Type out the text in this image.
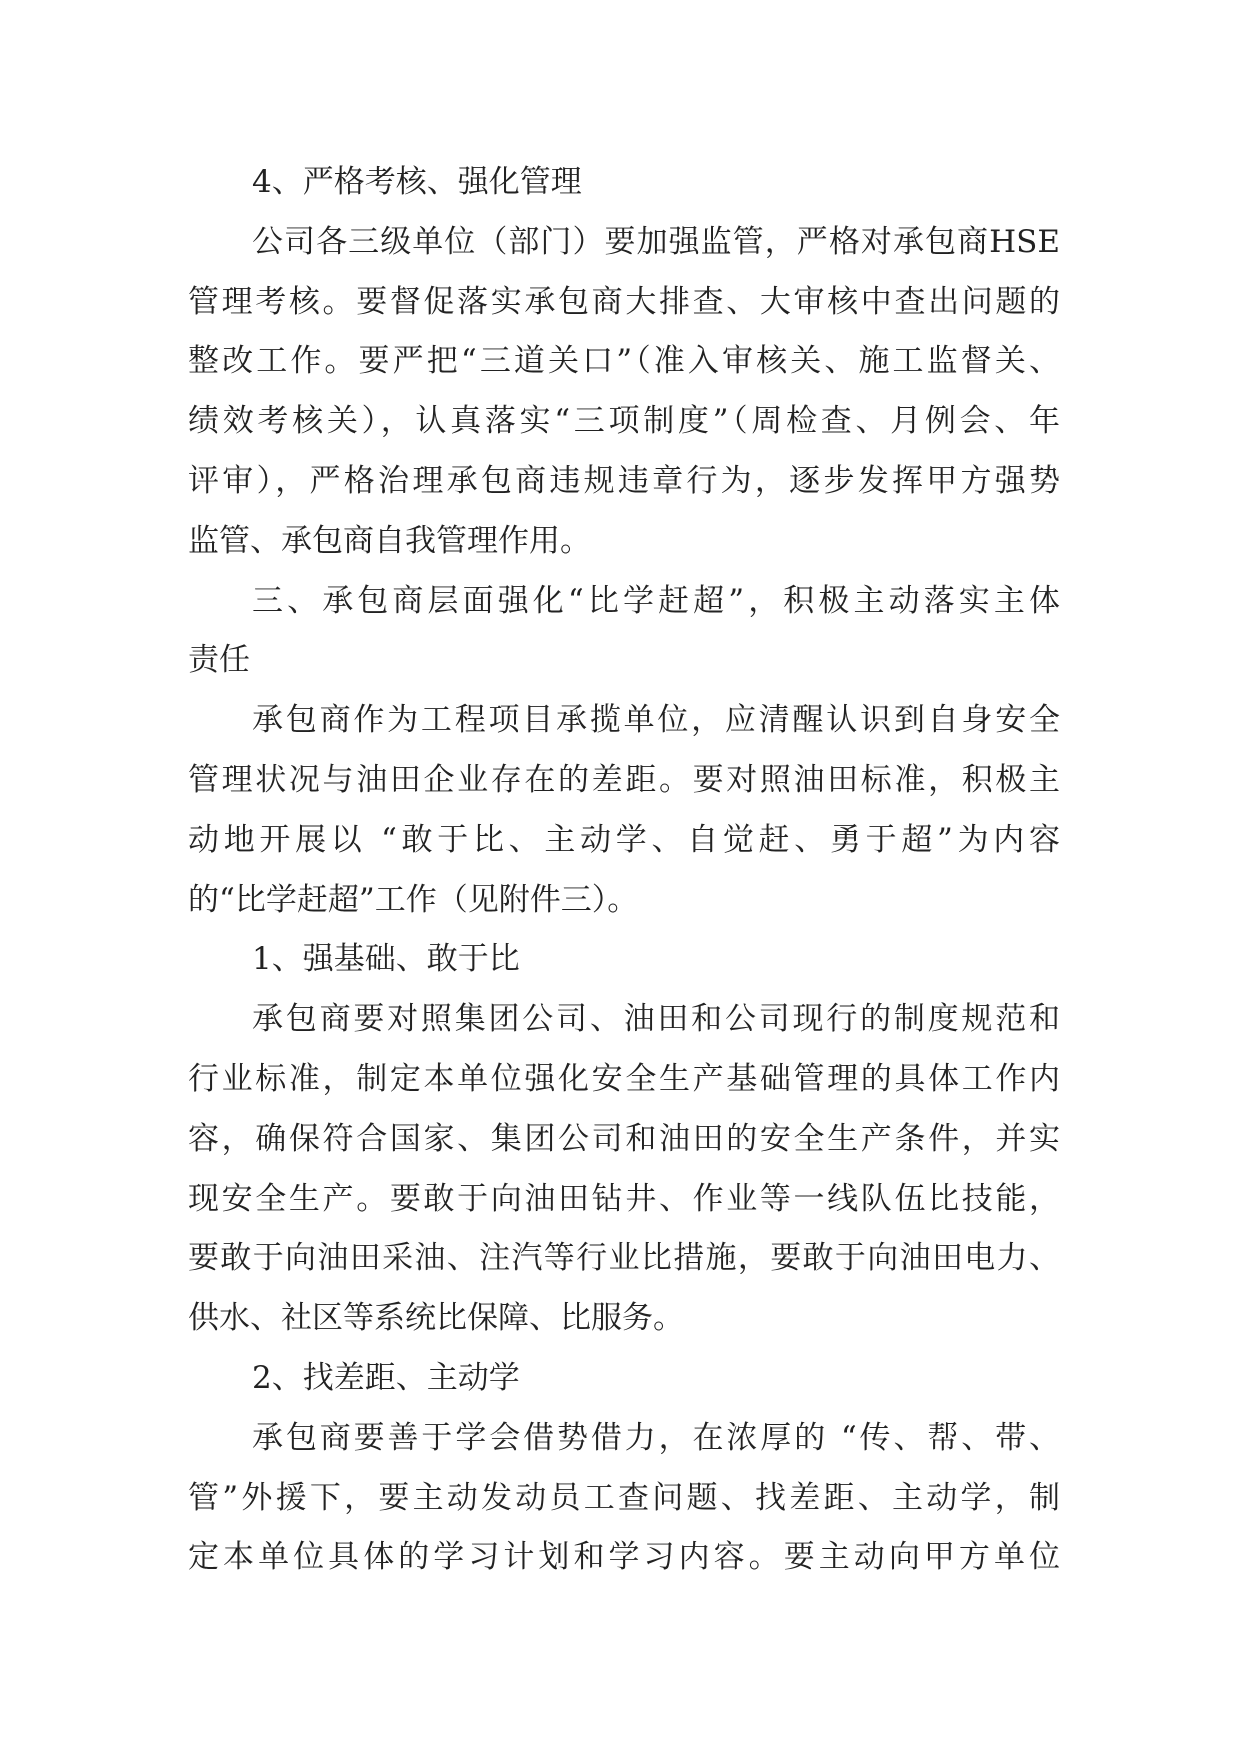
4、严格考核、强化管理
公司各三级单位（部门）要加强监管，严格对承包商HSE
管理考核。要督促落实承包商大排查、大审核中查出问题的
整改工作。要严把“三道关口”（准入审核关、施工监督关、
绩效考核关），认真落实“三项制度”（周检查、月例会、年
评审），严格治理承包商违规违章行为，逐步发挥甲方强势
监管、承包商自我管理作用。
三、承包商层面强化“比学赶超”，积极主动落实主体
责任
承包商作为工程项目承揽单位，应清醒认识到自身安全
管理状况与油田企业存在的差距。要对照油田标准，积极主
动地开展以 “敢于比、主动学、自觉赶、勇于超”为内容
的“比学赶超”工作（见附件三）。
1、强基础、敢于比
承包商要对照集团公司、油田和公司现行的制度规范和
行业标准，制定本单位强化安全生产基础管理的具体工作内
容，确保符合国家、集团公司和油田的安全生产条件，并实
现安全生产。要敢于向油田钻井、作业等一线队伍比技能，
要敢于向油田采油、注汽等行业比措施，要敢于向油田电力、
供水、社区等系统比保障、比服务。
2、找差距、主动学
承包商要善于学会借势借力，在浓厚的 “传、帮、带、
管”外援下，要主动发动员工查问题、找差距、主动学，制
定本单位具体的学习计划和学习内容。要主动向甲方单位
